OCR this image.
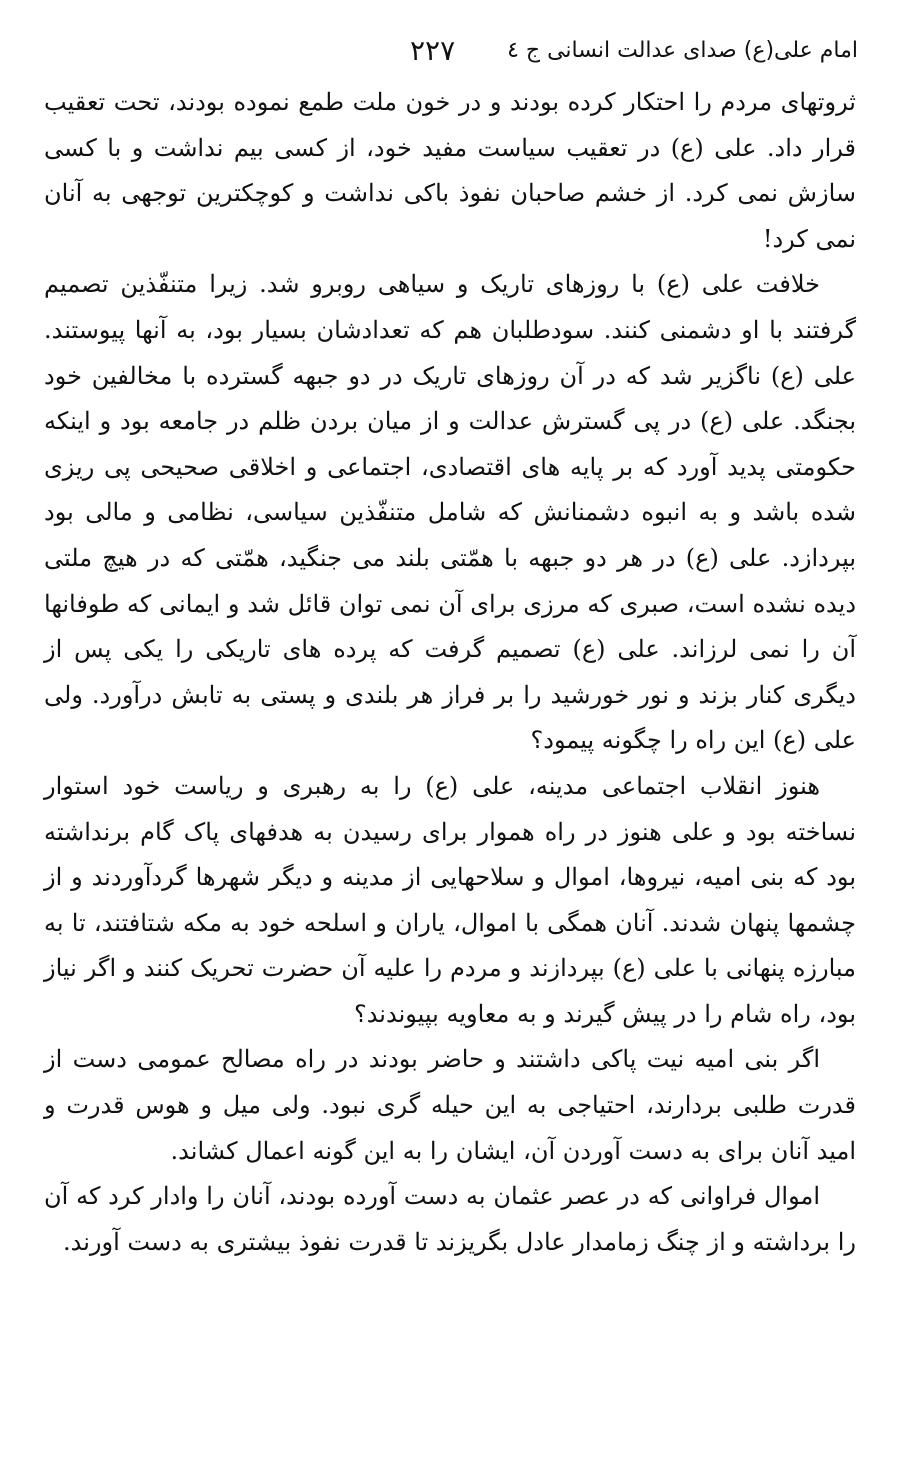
امام علی(ع) صدای عدالت انسانی ج ٤
۲۲۷

ثروتهای مردم را احتکار کرده بودند و در خون ملت طمع نموده بودند، تحت تعقیب قرار داد. علی (ع) در تعقیب سیاست مفید خود، از کسی بیم نداشت و با کسی سازش نمی کرد. از خشم صاحبان نفوذ باکی نداشت و کوچکترین توجهی به آنان نمی کرد!

خلافت علی (ع) با روزهای تاریک و سیاهی روبرو شد. زیرا متنفّذین تصمیم گرفتند با او دشمنی کنند. سودطلبان هم که تعدادشان بسیار بود، به آنها پیوستند. علی (ع) ناگزیر شد که در آن روزهای تاریک در دو جبهه گسترده با مخالفین خود بجنگد. علی (ع) در پی گسترش عدالت و از میان بردن ظلم در جامعه بود و اینکه حکومتی پدید آورد که بر پایه های اقتصادی، اجتماعی و اخلاقی صحیحی پی ریزی شده باشد و به انبوه دشمنانش که شامل متنفّذین سیاسی، نظامی و مالی بود بپردازد. علی (ع) در هر دو جبهه با همّتی بلند می جنگید، همّتی که در هیچ ملتی دیده نشده است، صبری که مرزی برای آن نمی توان قائل شد و ایمانی که طوفانها آن را نمی لرزاند. علی (ع) تصمیم گرفت که پرده های تاریکی را یکی پس از دیگری کنار بزند و نور خورشید را بر فراز هر بلندی و پستی به تابش درآورد. ولی علی (ع) این راه را چگونه پیمود؟

هنوز انقلاب اجتماعی مدینه، علی (ع) را به رهبری و ریاست خود استوار نساخته بود و علی هنوز در راه هموار برای رسیدن به هدفهای پاک گام برنداشته بود که بنی امیه، نیروها، اموال و سلاحهایی از مدینه و دیگر شهرها گردآوردند و از چشمها پنهان شدند. آنان همگی با اموال، یاران و اسلحه خود به مکه شتافتند، تا به مبارزه پنهانی با علی (ع) بپردازند و مردم را علیه آن حضرت تحریک کنند و اگر نیاز بود، راه شام را در پیش گیرند و به معاویه بپیوندند؟

اگر بنی امیه نیت پاکی داشتند و حاضر بودند در راه مصالح عمومی دست از قدرت طلبی بردارند، احتیاجی به این حیله گری نبود. ولی میل و هوس قدرت و امید آنان برای به دست آوردن آن، ایشان را به این گونه اعمال کشاند.

اموال فراوانی که در عصر عثمان به دست آورده بودند، آنان را وادار کرد که آن را برداشته و از چنگ زمامدار عادل بگریزند تا قدرت نفوذ بیشتری به دست آورند.
